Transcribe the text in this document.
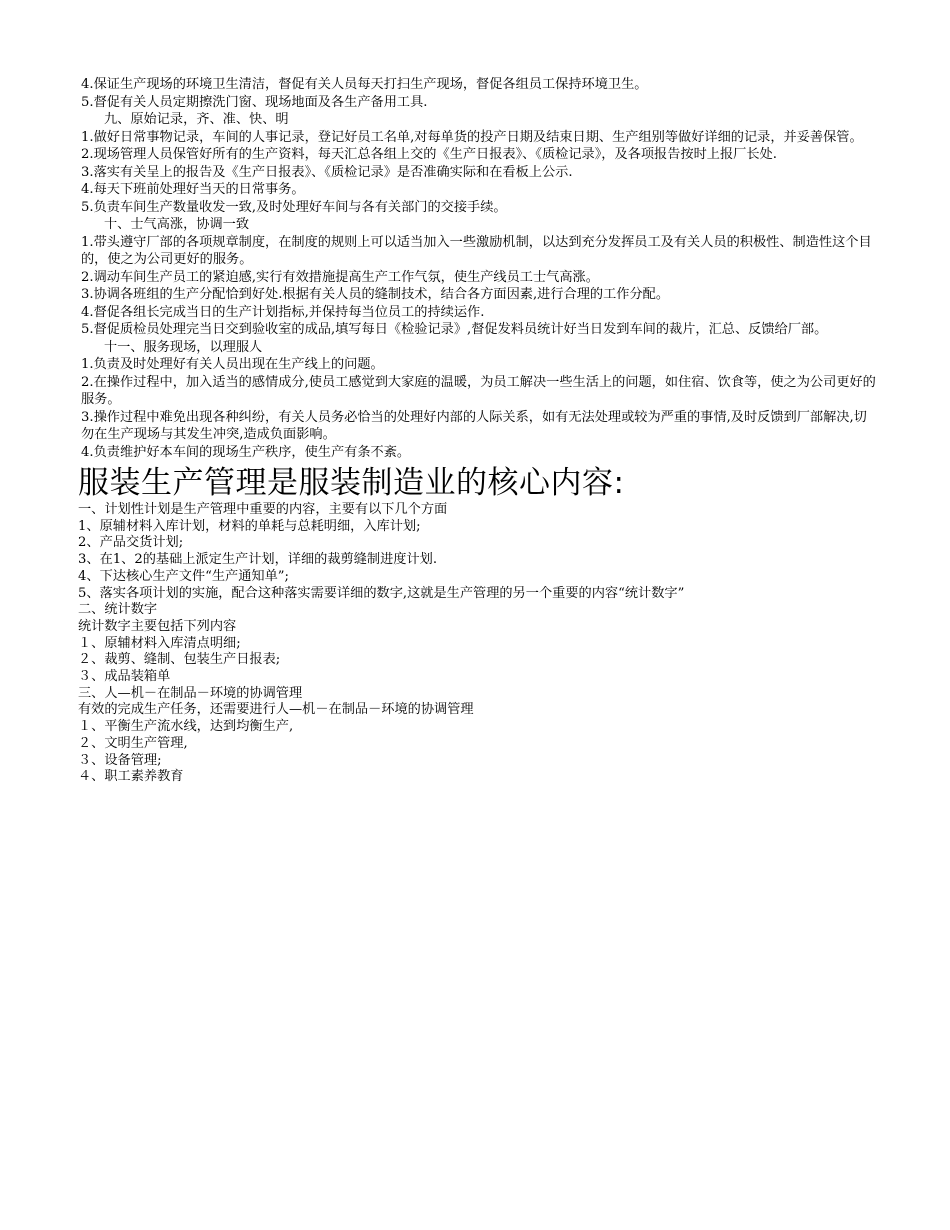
4.保证生产现场的环境卫生清洁，督促有关人员每天打扫生产现场，督促各组员工保持环境卫生。
5.督促有关人员定期擦洗门窗、现场地面及各生产备用工具.
九、原始记录，齐、准、快、明
1.做好日常事物记录，车间的人事记录，登记好员工名单,对每单货的投产日期及结束日期、生产组别等做好详细的记录，并妥善保管。
2.现场管理人员保管好所有的生产资料，每天汇总各组上交的《生产日报表》、《质检记录》，及各项报告按时上报厂长处.
3.落实有关呈上的报告及《生产日报表》、《质检记录》是否准确实际和在看板上公示.
4.每天下班前处理好当天的日常事务。
5.负责车间生产数量收发一致,及时处理好车间与各有关部门的交接手续。
十、士气高涨，协调一致
1.带头遵守厂部的各项规章制度，在制度的规则上可以适当加入一些激励机制，以达到充分发挥员工及有关人员的积极性、制造性这个目的，使之为公司更好的服务。
2.调动车间生产员工的紧迫感,实行有效措施提高生产工作气氛，使生产线员工士气高涨。
3.协调各班组的生产分配恰到好处.根据有关人员的缝制技术，结合各方面因素,进行合理的工作分配。
4.督促各组长完成当日的生产计划指标,并保持每当位员工的持续运作.
5.督促质检员处理完当日交到验收室的成品,填写每日《检验记录》,督促发料员统计好当日发到车间的裁片，汇总、反馈给厂部。
十一、服务现场，以理服人
1.负责及时处理好有关人员出现在生产线上的问题。
2.在操作过程中，加入适当的感情成分,使员工感觉到大家庭的温暖，为员工解决一些生活上的问题，如住宿、饮食等，使之为公司更好的服务。
3.操作过程中难免出现各种纠纷，有关人员务必恰当的处理好内部的人际关系，如有无法处理或较为严重的事情,及时反馈到厂部解决,切勿在生产现场与其发生冲突,造成负面影响。
4.负责维护好本车间的现场生产秩序，使生产有条不紊。
服装生产管理是服装制造业的核心内容:
一、计划性计划是生产管理中重要的内容，主要有以下几个方面
1、原辅材料入库计划，材料的单耗与总耗明细，入库计划;
2、产品交货计划;
3、在1、2的基础上派定生产计划，详细的裁剪缝制进度计划.
4、下达核心生产文件“生产通知单”;
5、落实各项计划的实施，配合这种落实需要详细的数字,这就是生产管理的另一个重要的内容“统计数字”
二、统计数字
统计数字主要包括下列内容
１、原辅材料入库清点明细;
２、裁剪、缝制、包装生产日报表;
３、成品装箱单
三、人—机－在制品－环境的协调管理
有效的完成生产任务，还需要进行人—机－在制品－环境的协调管理
１、平衡生产流水线，达到均衡生产,
２、文明生产管理,
３、设备管理;
４、职工素养教育
